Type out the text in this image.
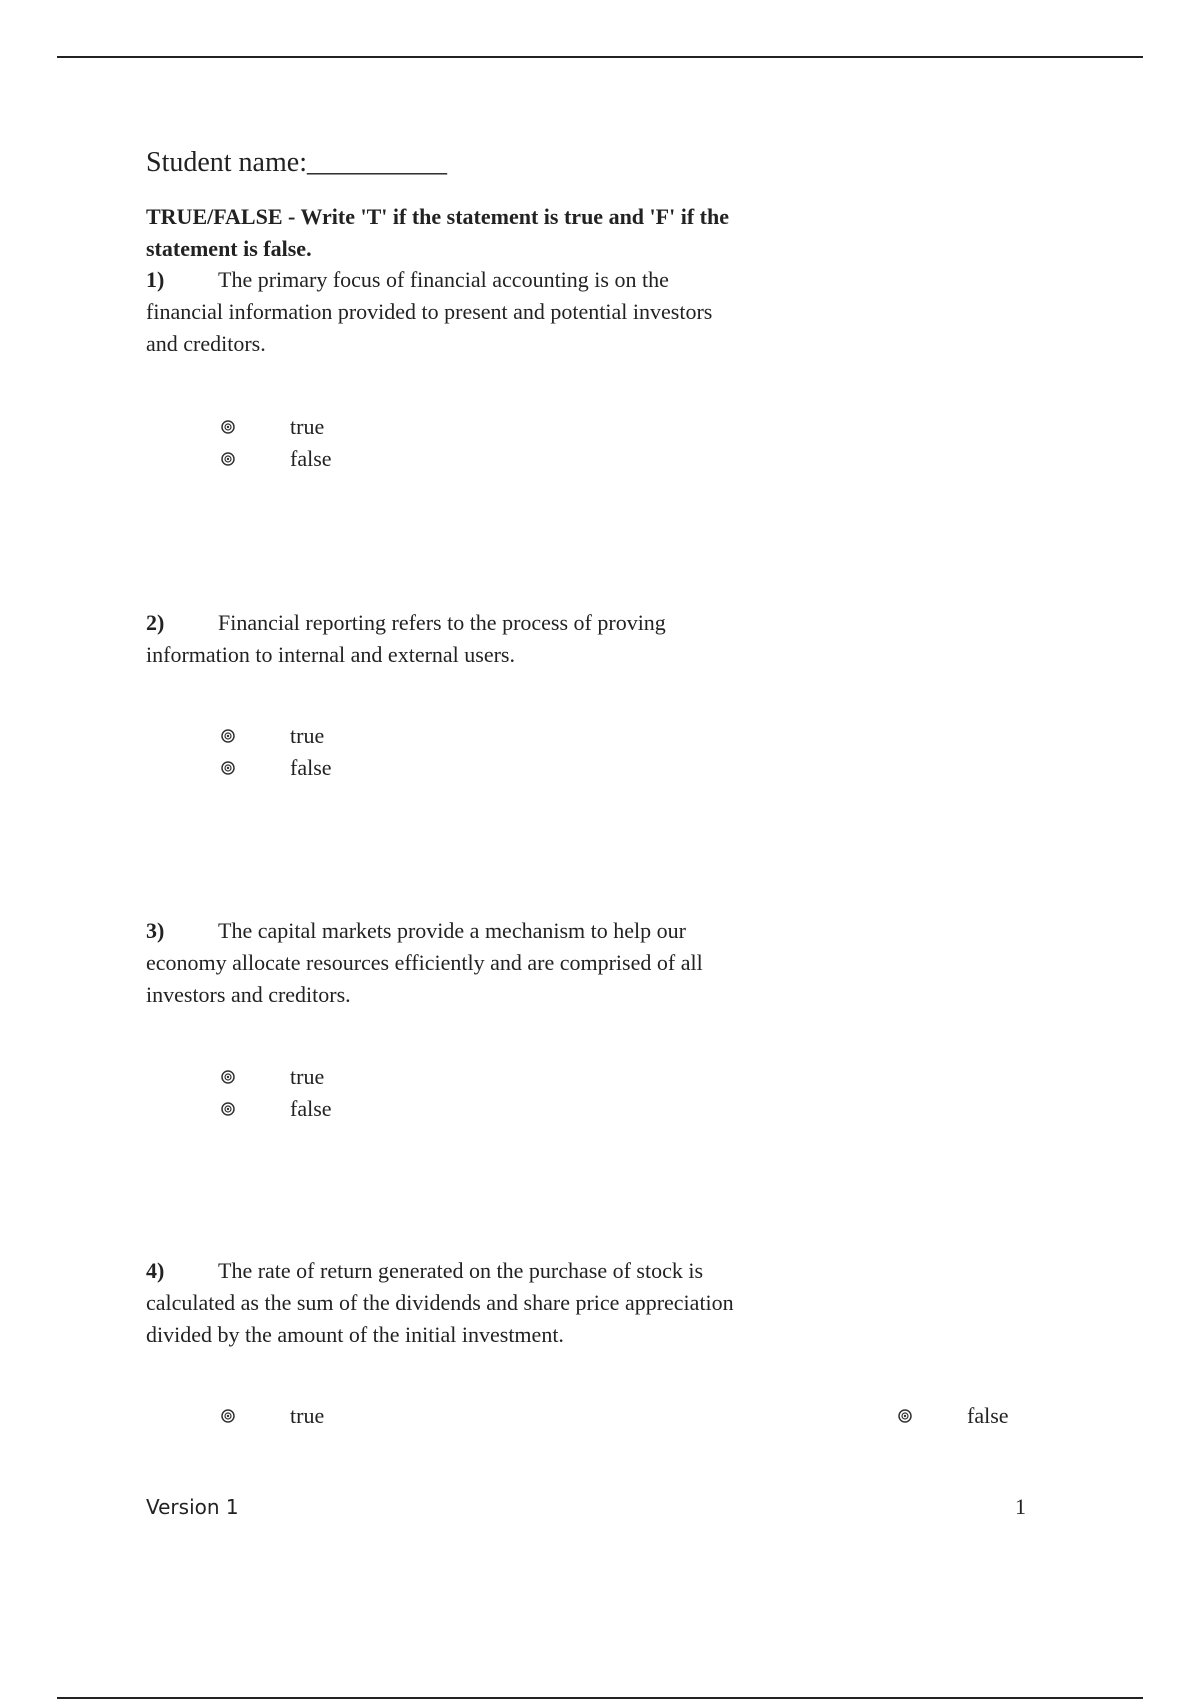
Student name:__________
TRUE/FALSE - Write 'T' if the statement is true and 'F' if the statement is false.
1) The primary focus of financial accounting is on the financial information provided to present and potential investors and creditors.
true
false
2) Financial reporting refers to the process of proving information to internal and external users.
true
false
3) The capital markets provide a mechanism to help our economy allocate resources efficiently and are comprised of all investors and creditors.
true
false
4) The rate of return generated on the purchase of stock is calculated as the sum of the dividends and share price appreciation divided by the amount of the initial investment.
true	false
Version 1	1
